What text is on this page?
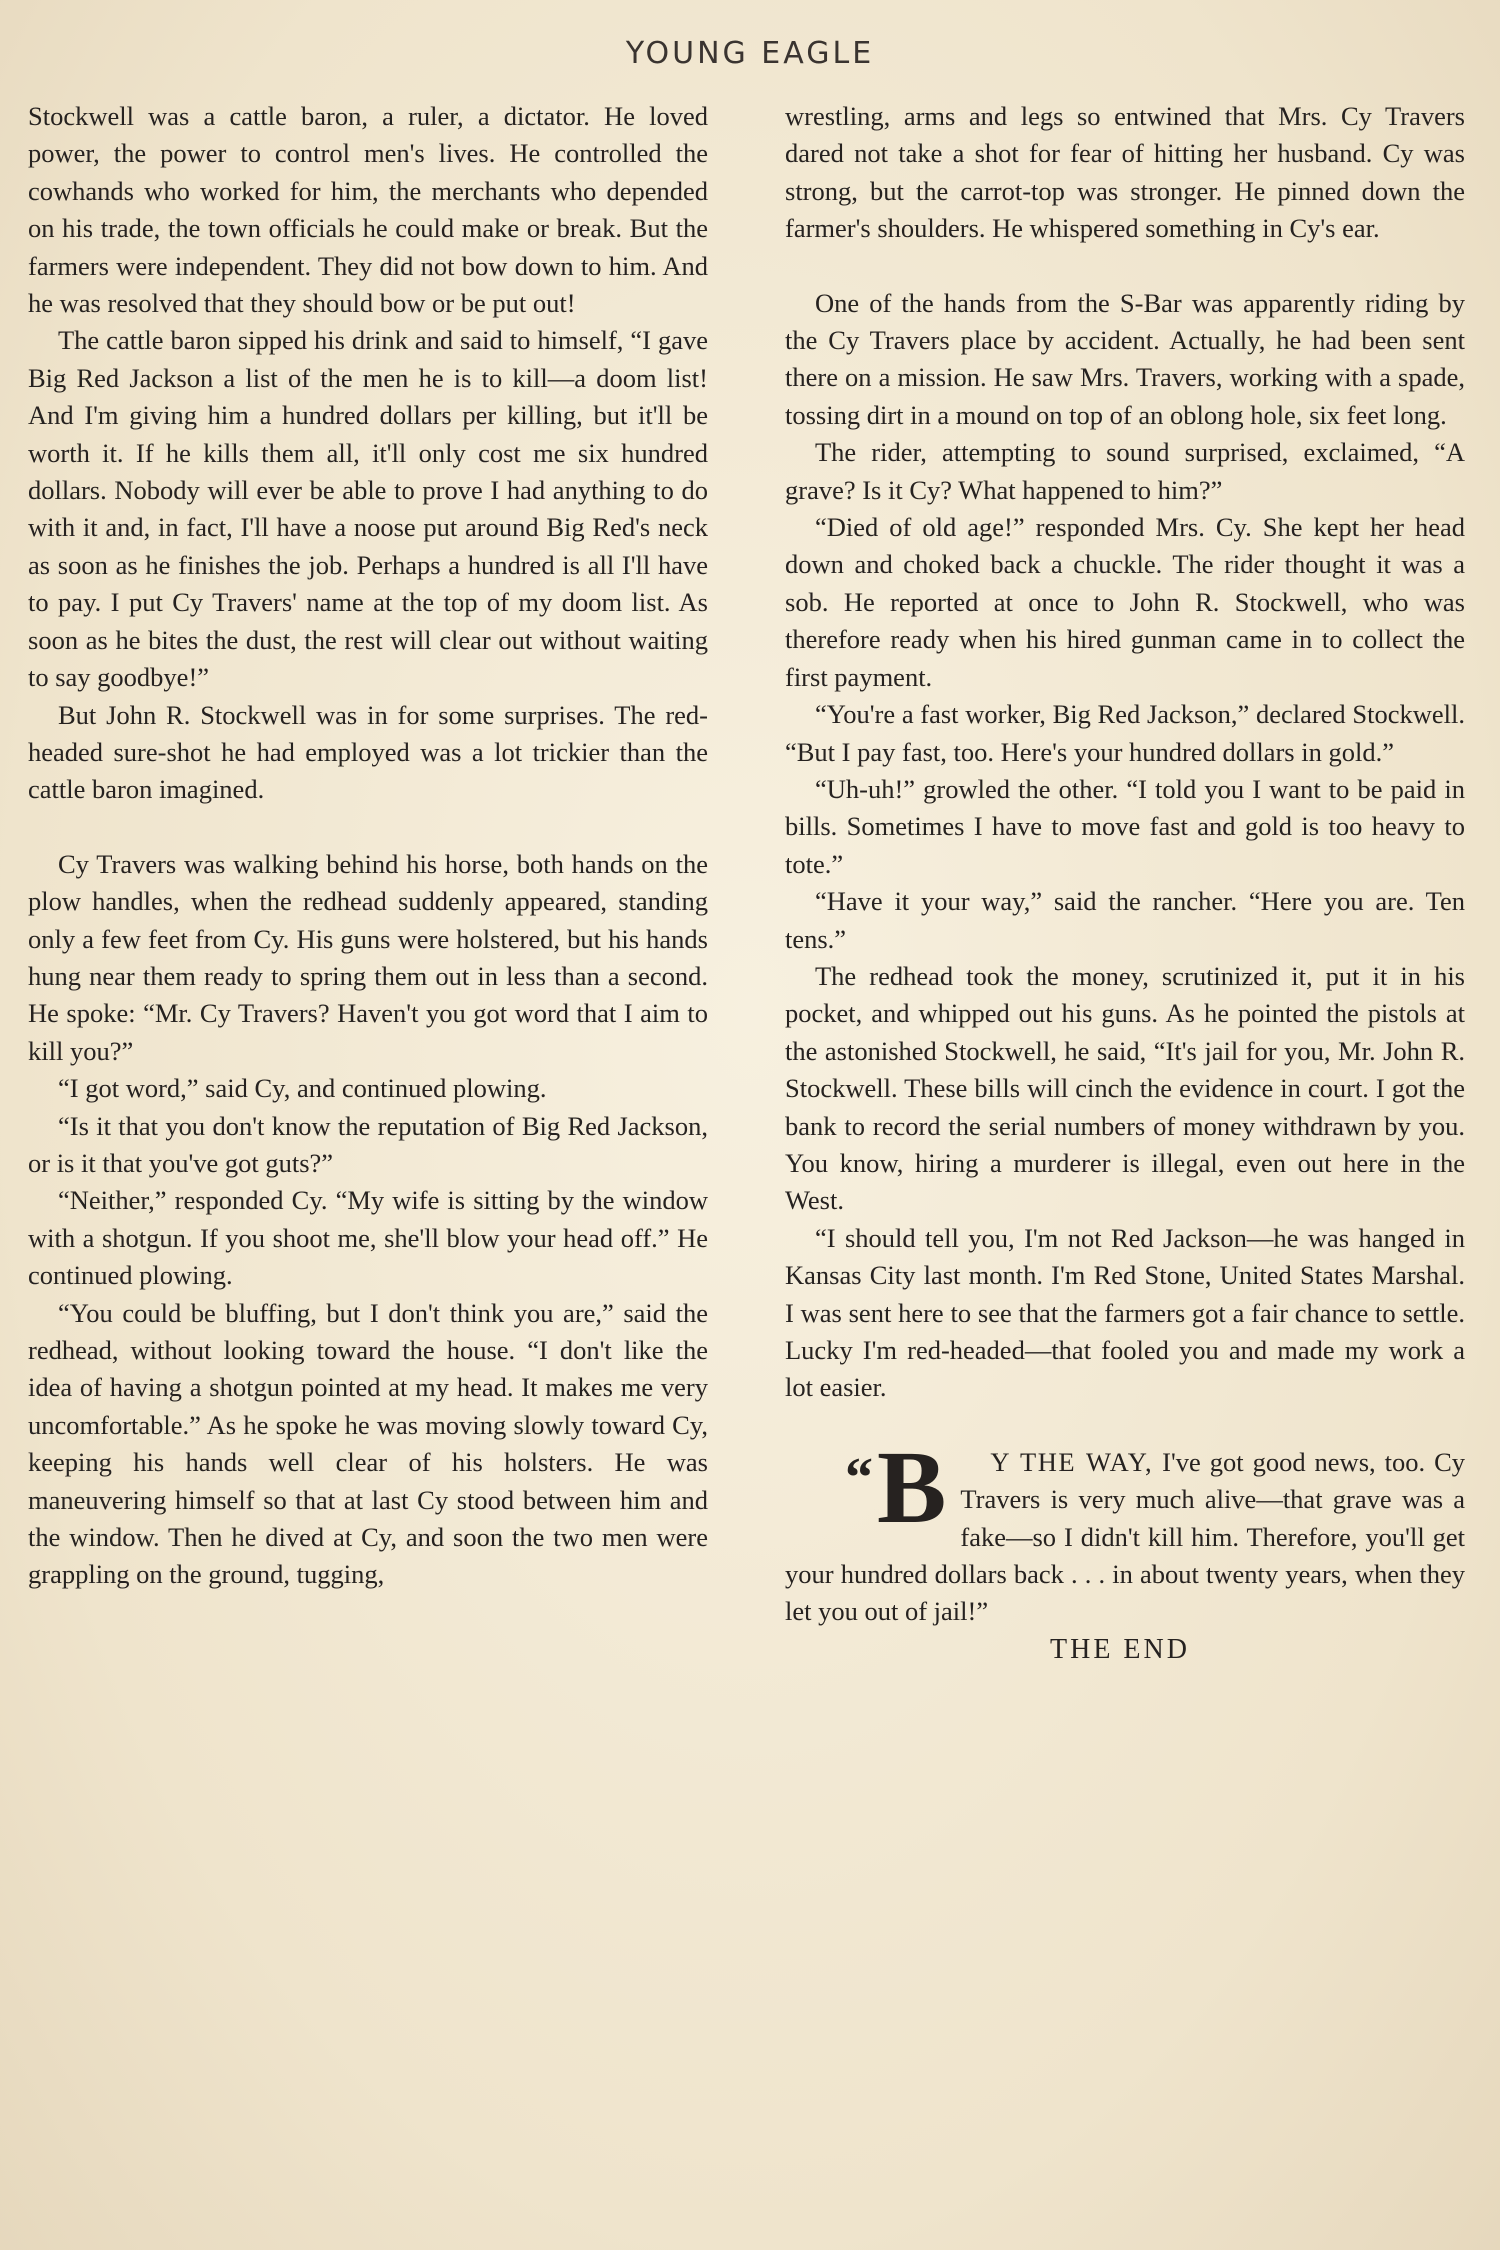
YOUNG EAGLE

Stockwell was a cattle baron, a ruler, a dictator. He loved power, the power to control men's lives. He controlled the cowhands who worked for him, the merchants who depended on his trade, the town officials he could make or break. But the farmers were independent. They did not bow down to him. And he was resolved that they should bow or be put out!

The cattle baron sipped his drink and said to himself, “I gave Big Red Jackson a list of the men he is to kill—a doom list! And I'm giving him a hundred dollars per killing, but it'll be worth it. If he kills them all, it'll only cost me six hundred dollars. Nobody will ever be able to prove I had anything to do with it and, in fact, I'll have a noose put around Big Red's neck as soon as he finishes the job. Perhaps a hundred is all I'll have to pay. I put Cy Travers' name at the top of my doom list. As soon as he bites the dust, the rest will clear out without waiting to say goodbye!”

But John R. Stockwell was in for some surprises. The red-headed sure-shot he had employed was a lot trickier than the cattle baron imagined.

Cy Travers was walking behind his horse, both hands on the plow handles, when the redhead suddenly appeared, standing only a few feet from Cy. His guns were holstered, but his hands hung near them ready to spring them out in less than a second. He spoke: “Mr. Cy Travers? Haven't you got word that I aim to kill you?”

“I got word,” said Cy, and continued plowing.

“Is it that you don't know the reputation of Big Red Jackson, or is it that you've got guts?”

“Neither,” responded Cy. “My wife is sitting by the window with a shotgun. If you shoot me, she'll blow your head off.” He continued plowing.

“You could be bluffing, but I don't think you are,” said the redhead, without looking toward the house. “I don't like the idea of having a shotgun pointed at my head. It makes me very uncomfortable.” As he spoke he was moving slowly toward Cy, keeping his hands well clear of his holsters. He was maneuvering himself so that at last Cy stood between him and the window. Then he dived at Cy, and soon the two men were grappling on the ground, tugging,

wrestling, arms and legs so entwined that Mrs. Cy Travers dared not take a shot for fear of hitting her husband. Cy was strong, but the carrot-top was stronger. He pinned down the farmer's shoulders. He whispered something in Cy's ear.

One of the hands from the S-Bar was apparently riding by the Cy Travers place by accident. Actually, he had been sent there on a mission. He saw Mrs. Travers, working with a spade, tossing dirt in a mound on top of an oblong hole, six feet long.

The rider, attempting to sound surprised, exclaimed, “A grave? Is it Cy? What happened to him?”

“Died of old age!” responded Mrs. Cy. She kept her head down and choked back a chuckle. The rider thought it was a sob. He reported at once to John R. Stockwell, who was therefore ready when his hired gunman came in to collect the first payment.

“You're a fast worker, Big Red Jackson,” declared Stockwell. “But I pay fast, too. Here's your hundred dollars in gold.”

“Uh-uh!” growled the other. “I told you I want to be paid in bills. Sometimes I have to move fast and gold is too heavy to tote.”

“Have it your way,” said the rancher. “Here you are. Ten tens.”

The redhead took the money, scrutinized it, put it in his pocket, and whipped out his guns. As he pointed the pistols at the astonished Stockwell, he said, “It's jail for you, Mr. John R. Stockwell. These bills will cinch the evidence in court. I got the bank to record the serial numbers of money withdrawn by you. You know, hiring a murderer is illegal, even out here in the West.

“I should tell you, I'm not Red Jackson—he was hanged in Kansas City last month. I'm Red Stone, United States Marshal. I was sent here to see that the farmers got a fair chance to settle. Lucky I'm red-headed—that fooled you and made my work a lot easier.

“B Y THE WAY, I've got good news, too. Cy Travers is very much alive—that grave was a fake—so I didn't kill him. Therefore, you'll get your hundred dollars back . . . in about twenty years, when they let you out of jail!”

THE END
